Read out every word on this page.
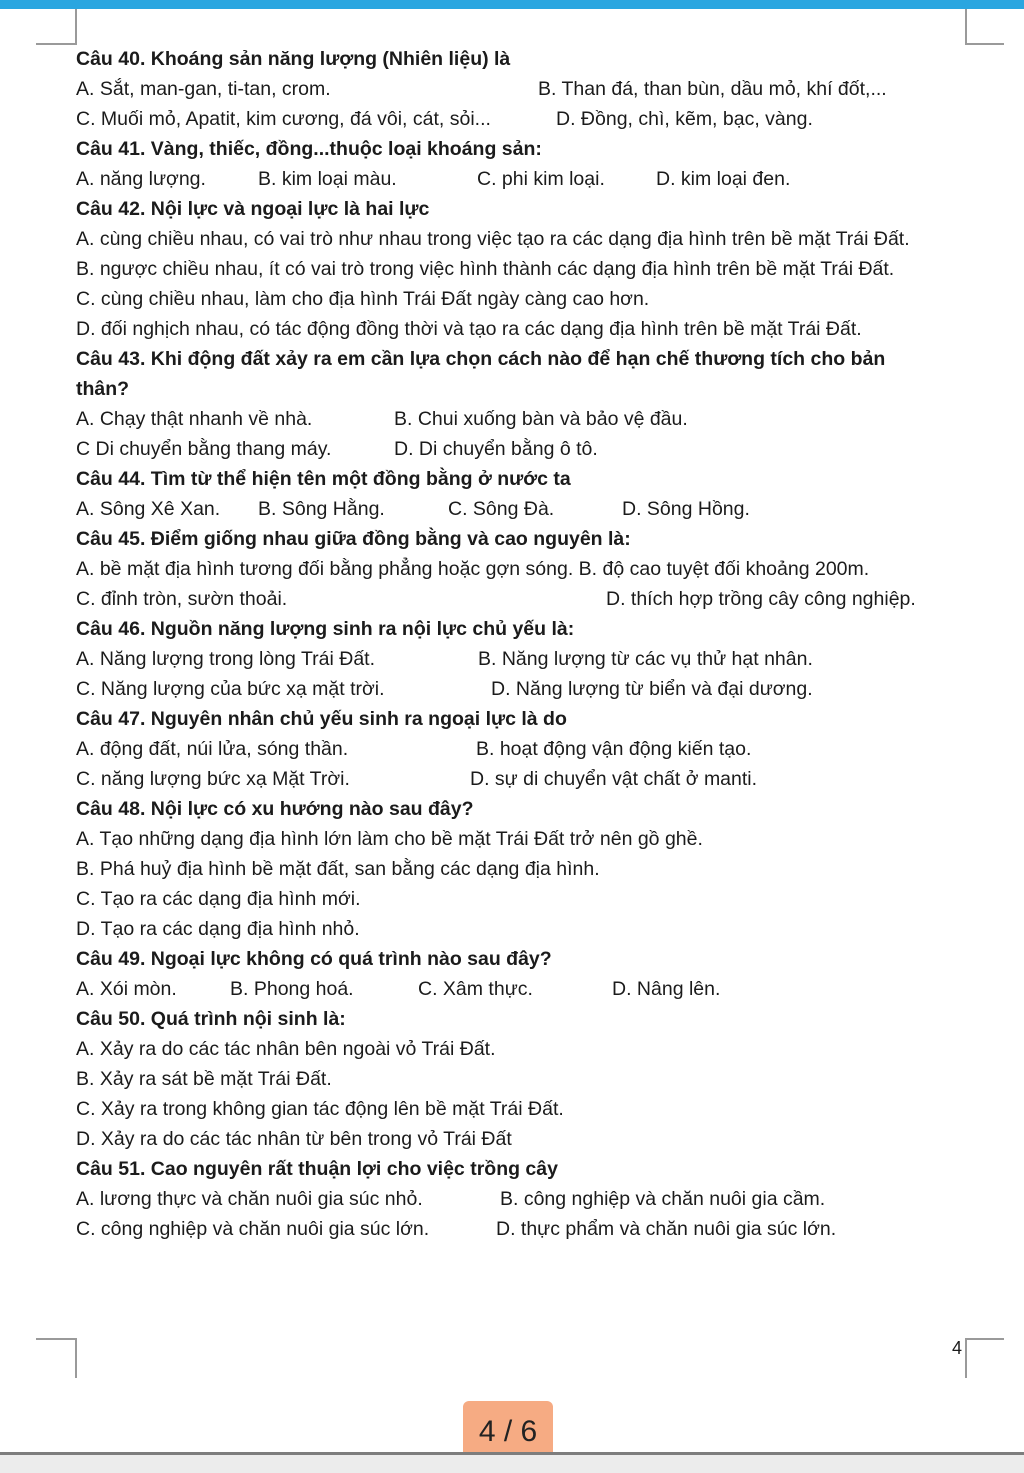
Câu 40. Khoáng sản năng lượng (Nhiên liệu) là
A. Sắt, man-gan, ti-tan, crom.	B. Than đá, than bùn, dầu mỏ, khí đốt,...
C. Muối mỏ, Apatit, kim cương, đá vôi, cát, sỏi...	D. Đồng, chì, kẽm, bạc, vàng.
Câu 41. Vàng, thiếc, đồng...thuộc loại khoáng sản:
A. năng lượng.	B. kim loại màu.	C. phi kim loại.	D. kim loại đen.
Câu 42. Nội lực và ngoại lực là hai lực
A. cùng chiều nhau, có vai trò như nhau trong việc tạo ra các dạng địa hình trên bề mặt Trái Đất.
B. ngược chiều nhau, ít có vai trò trong việc hình thành các dạng địa hình trên bề mặt Trái Đất.
C. cùng chiều nhau, làm cho địa hình Trái Đất ngày càng cao hơn.
D. đối nghịch nhau, có tác động đồng thời và tạo ra các dạng địa hình trên bề mặt Trái Đất.
Câu 43. Khi động đất xảy ra em cần lựa chọn cách nào để hạn chế thương tích cho bản thân?
A. Chạy thật nhanh về nhà.	B. Chui xuống bàn và bảo vệ đầu.
C Di chuyển bằng thang máy.	D. Di chuyển bằng ô tô.
Câu 44. Tìm từ thể hiện tên một đồng bằng ở nước ta
A. Sông Xê Xan. B. Sông Hằng.	C. Sông Đà.	D. Sông Hồng.
Câu 45. Điểm giống nhau giữa đồng bằng và cao nguyên là:
A. bề mặt địa hình tương đối bằng phẳng hoặc gợn sóng. B. độ cao tuyệt đối khoảng 200m.
C. đỉnh tròn, sườn thoải.	D. thích hợp trồng cây công nghiệp.
Câu 46. Nguồn năng lượng sinh ra nội lực chủ yếu là:
A. Năng lượng trong lòng Trái Đất.	B. Năng lượng từ các vụ thử hạt nhân.
C. Năng lượng của bức xạ mặt trời.	D. Năng lượng từ biển và đại dương.
Câu 47. Nguyên nhân chủ yếu sinh ra ngoại lực là do
A. động đất, núi lửa, sóng thần.	B. hoạt động vận động kiến tạo.
C. năng lượng bức xạ Mặt Trời.	D. sự di chuyển vật chất ở manti.
Câu 48. Nội lực có xu hướng nào sau đây?
A. Tạo những dạng địa hình lớn làm cho bề mặt Trái Đất trở nên gồ ghề.
B. Phá huỷ địa hình bề mặt đất, san bằng các dạng địa hình.
C. Tạo ra các dạng địa hình mới.
D. Tạo ra các dạng địa hình nhỏ.
Câu 49. Ngoại lực không có quá trình nào sau đây?
A. Xói mòn.	B. Phong hoá.	C. Xâm thực.	D. Nâng lên.
Câu 50. Quá trình nội sinh là:
A. Xảy ra do các tác nhân bên ngoài vỏ Trái Đất.
B. Xảy ra sát bề mặt Trái Đất.
C. Xảy ra trong không gian tác động lên bề mặt Trái Đất.
D. Xảy ra do các tác nhân từ bên trong vỏ Trái Đất
Câu 51. Cao nguyên rất thuận lợi cho việc trồng cây
A. lương thực và chăn nuôi gia súc nhỏ.	B. công nghiệp và chăn nuôi gia cầm.
C. công nghiệp và chăn nuôi gia súc lớn.	D. thực phẩm và chăn nuôi gia súc lớn.
4
4 / 6
